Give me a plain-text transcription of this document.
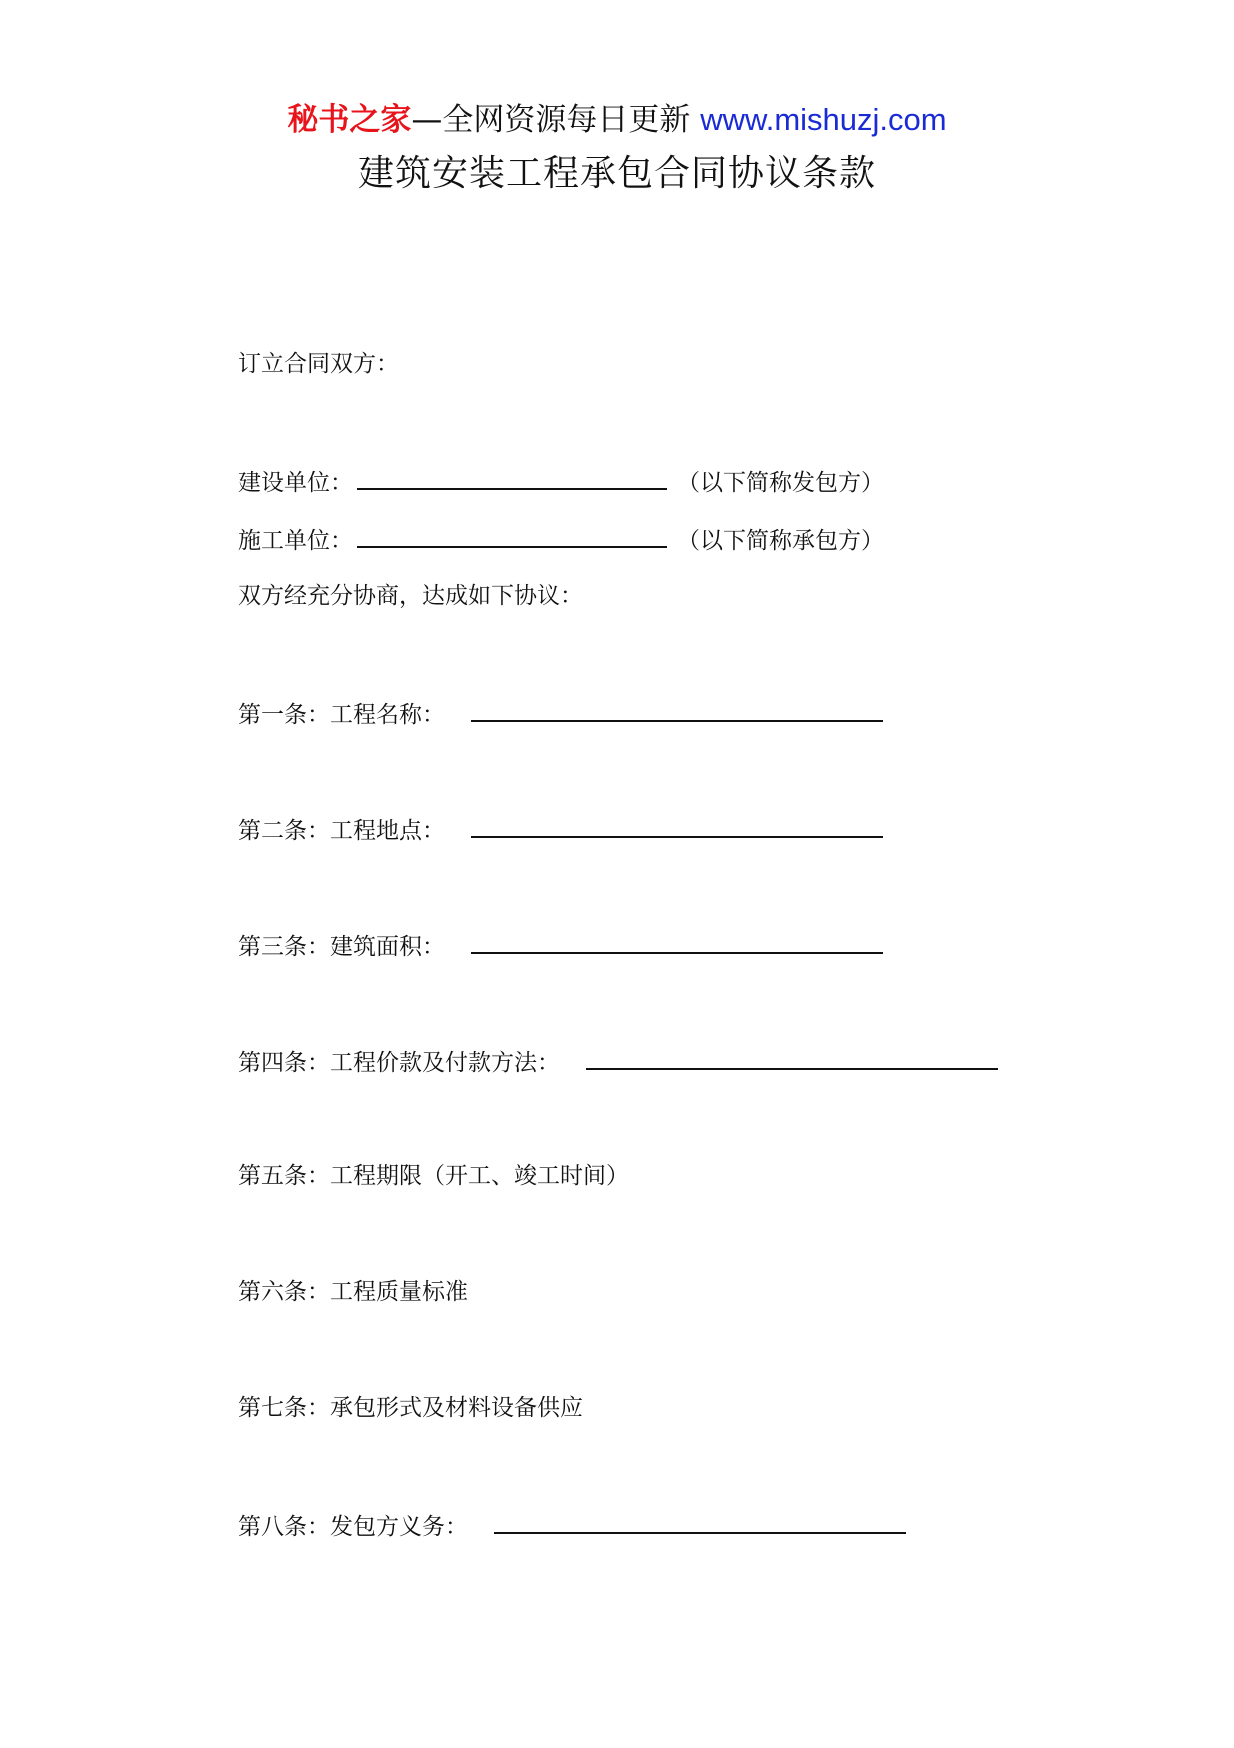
秘书之家—全网资源每日更新 www.mishuzj.com
建筑安装工程承包合同协议条款
订立合同双方：
建设单位：	（以下简称发包方）
施工单位：	（以下简称承包方）
双方经充分协商，达成如下协议：
第一条：工程名称：
第二条：工程地点：
第三条：建筑面积：
第四条：工程价款及付款方法：
第五条：工程期限（开工、竣工时间）
第六条：工程质量标准
第七条：承包形式及材料设备供应
第八条：发包方义务：
